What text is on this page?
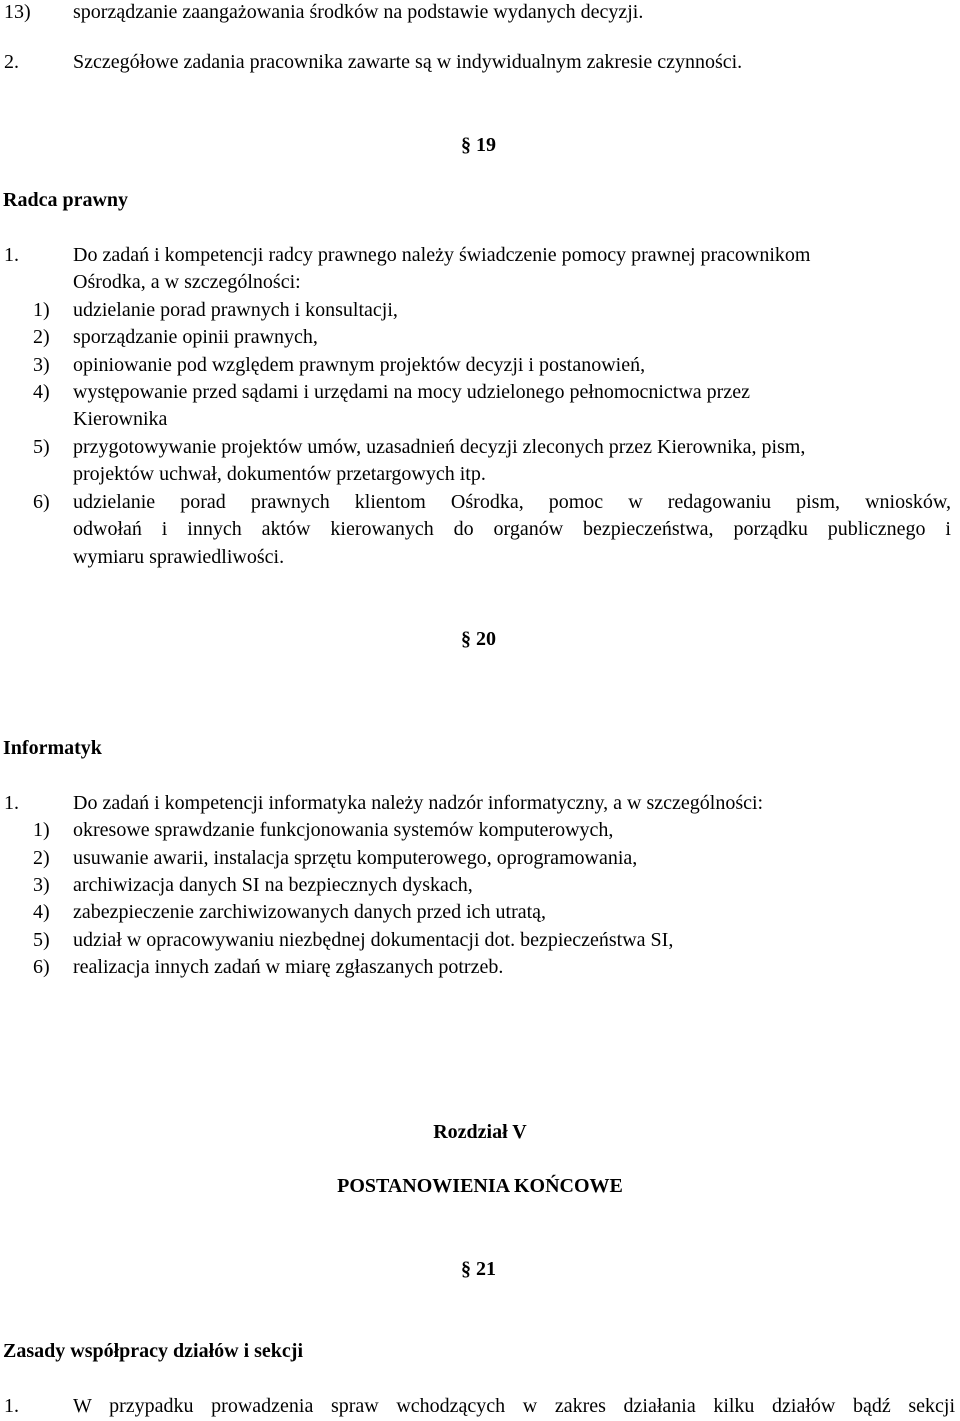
13) sporządzanie zaangażowania środków na podstawie wydanych decyzji.
2.	Szczegółowe zadania pracownika zawarte są w indywidualnym zakresie czynności.
§ 19
Radca prawny
1.	Do zadań i kompetencji radcy prawnego należy świadczenie pomocy prawnej pracownikom
Ośrodka, a w szczególności:
1) udzielanie porad prawnych i konsultacji,
2) sporządzanie opinii prawnych,
3) opiniowanie pod względem prawnym projektów decyzji i postanowień,
4) występowanie przed sądami i urzędami na mocy udzielonego pełnomocnictwa przez
Kierownika
5) przygotowywanie projektów umów, uzasadnień decyzji zleconych przez Kierownika, pism,
projektów uchwał, dokumentów przetargowych itp.
6) udzielanie porad prawnych klientom Ośrodka, pomoc w redagowaniu pism, wniosków,
odwołań i innych aktów kierowanych do organów bezpieczeństwa, porządku publicznego i
wymiaru sprawiedliwości.
§ 20
Informatyk
1.	Do zadań i kompetencji informatyka należy nadzór informatyczny, a w szczególności:
1) okresowe sprawdzanie funkcjonowania systemów komputerowych,
2) usuwanie awarii, instalacja sprzętu komputerowego, oprogramowania,
3) archiwizacja danych SI na bezpiecznych dyskach,
4) zabezpieczenie zarchiwizowanych danych przed ich utratą,
5) udział w opracowywaniu niezbędnej dokumentacji dot. bezpieczeństwa SI,
6) realizacja innych zadań w miarę zgłaszanych potrzeb.
Rozdział V
POSTANOWIENIA KOŃCOWE
§ 21
Zasady współpracy działów i sekcji
1.	W przypadku prowadzenia spraw wchodzących w zakres działania kilku działów bądź sekcji
